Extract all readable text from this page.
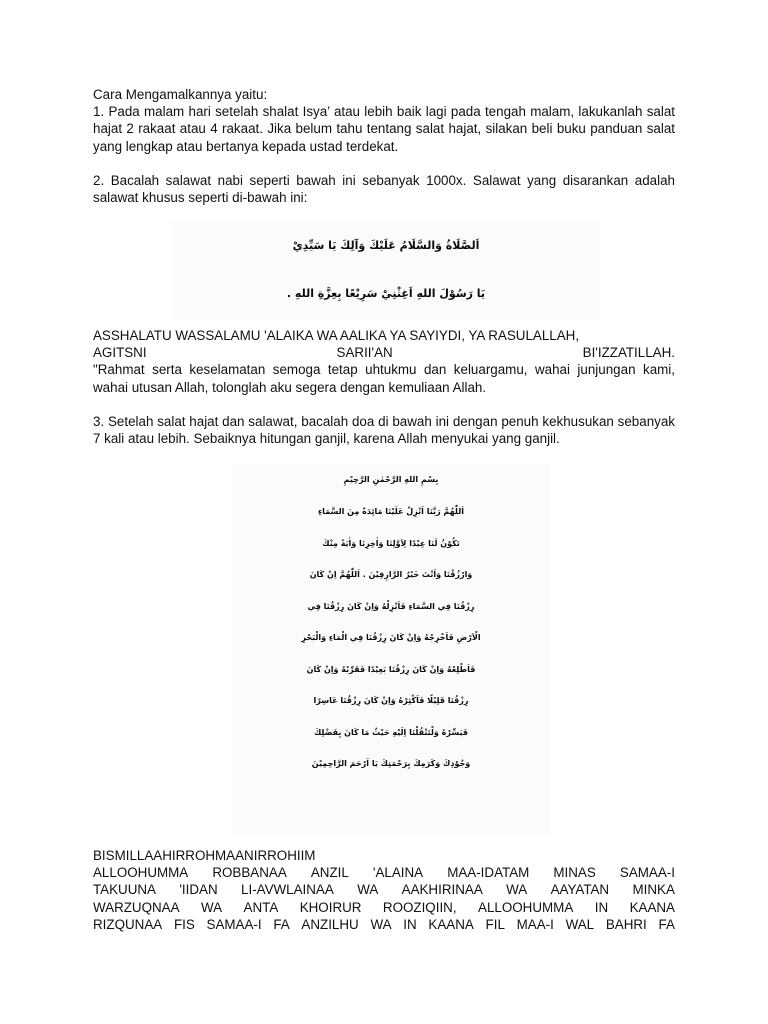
Cara Mengamalkannya yaitu:

1. Pada malam hari setelah shalat Isya’ atau lebih baik lagi pada tengah malam, lakukanlah salat hajat 2 rakaat atau 4 rakaat. Jika belum tahu tentang salat hajat, silakan beli buku panduan salat yang lengkap atau bertanya kepada ustad terdekat.

2. Bacalah salawat nabi seperti bawah ini sebanyak 1000x. Salawat yang disarankan adalah salawat khusus seperti di-bawah ini:

اَلصَّلَاةُ وَالسَّلَامُ عَلَيْكَ وَآلِكَ يَا سَيِّدِيْ
يَا رَسُوْلَ اللهِ اَغِثْنِيْ سَرِيْعًا بِعِزَّةِ اللهِ .

ASSHALATU WASSALAMU 'ALAIKA WA AALIKA YA SAYIYDI, YA RASULALLAH,

AGITSNI	SARII'AN	BI'IZZATILLAH.

"Rahmat serta keselamatan semoga tetap uhtukmu dan keluargamu, wahai junjungan kami, wahai utusan Allah, tolonglah aku segera dengan kemuliaan Allah.

3. Setelah salat hajat dan salawat, bacalah doa di bawah ini dengan penuh kekhusukan sebanyak 7 kali atau lebih. Sebaiknya hitungan ganjil, karena Allah menyukai yang ganjil.

بِسْمِ اللهِ الرَّحْمٰنِ الرَّحِيْمِ
اَللّٰهُمَّ رَبَّنَا اَنْزِلْ عَلَيْنَا مَائِدَةً مِنَ السَّمَاءِ
تَكُوْنُ لَنَا عِيْدًا لِاَوَّلِنَا وَاٰخِرِنَا وَاٰيَةً مِنْكَ
وَارْزُقْنَا وَاَنْتَ خَيْرُ الرَّازِقِيْنَ . اَللّٰهُمَّ اِنْ كَانَ
رِزْقُنَا فِي السَّمَاءِ فَاَنْزِلْهُ وَاِنْ كَانَ رِزْقُنَا فِي
الْاَرْضِ فَاَخْرِجْهُ وَاِنْ كَانَ رِزْقُنَا فِي الْمَاءِ وَالْبَحْرِ
فَاَطْلِعْهُ وَاِنْ كَانَ رِزْقُنَا بَعِيْدًا فَقَرِّبْهُ وَاِنْ كَانَ
رِزْقُنَا قَلِيْلًا فَاَكْثِرْهُ وَاِنْ كَانَ رِزْقُنَا عَاسِرًا
فَيَسِّرْهُ وَلْتَنْقُلْنَا اِلَيْهِ حَيْثُ مَا كَانَ بِفَضْلِكَ
وَجُوْدِكَ وَكَرَمِكَ بِرَحْمَتِكَ يَا اَرْحَمَ الرَّاحِمِيْنَ

BISMILLAAHIRROHMAANIRROHIIM

ALLOOHUMMA ROBBANAA ANZIL 'ALAINA MAA-IDATAM MINAS SAMAA-I
TAKUUNA 'IIDAN LI-AVWLAINAA WA AAKHIRINAA WA AAYATAN MINKA
WARZUQNAA WA ANTA KHOIRUR ROOZIQIIN, ALLOOHUMMA IN KAANA
RIZQUNAA FIS SAMAA-I FA ANZILHU WA IN KAANA FIL MAA-I WAL BAHRI FA
